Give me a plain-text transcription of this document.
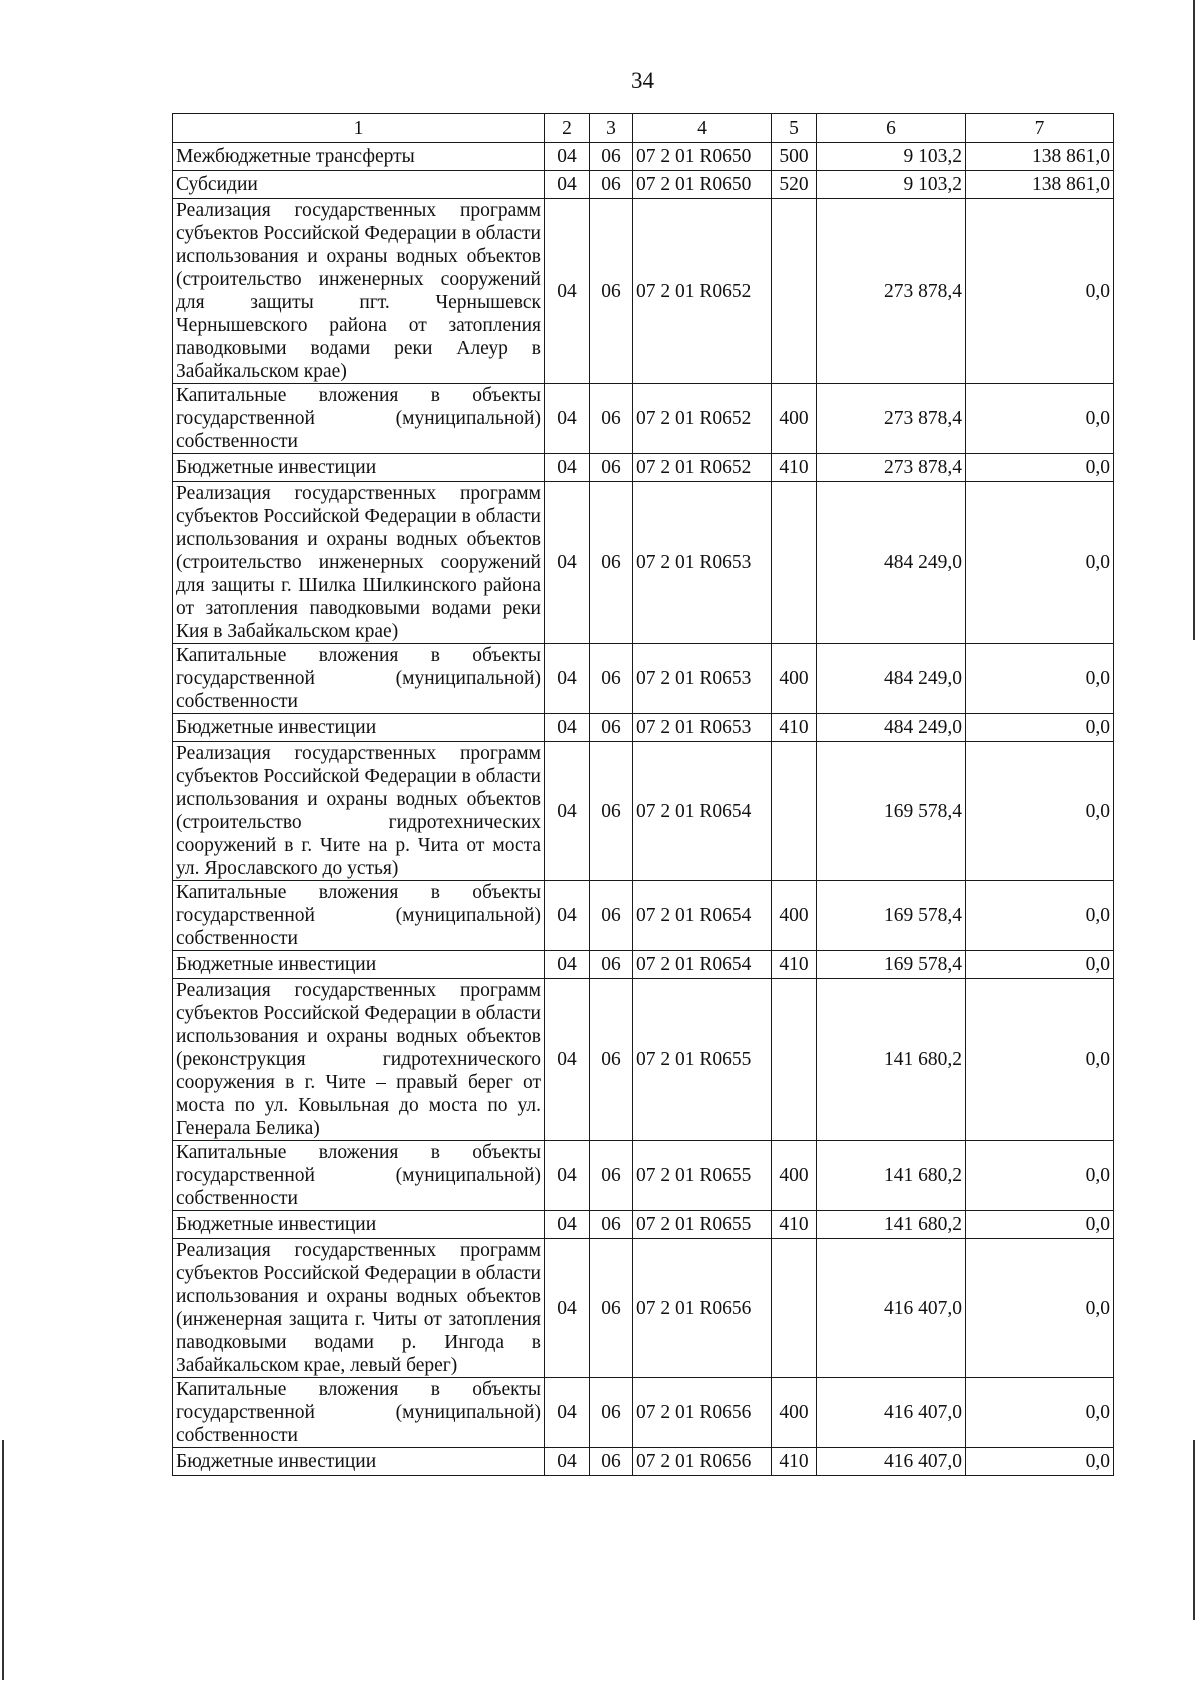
34
1	2	3	4	5	6	7
Межбюджетные трансферты	04	06	07 2 01 R0650	500	9 103,2	138 861,0
Субсидии	04	06	07 2 01 R0650	520	9 103,2	138 861,0
Реализация государственных программ субъектов Российской Федерации в области использования и охраны водных объектов (строительство инженерных сооружений для защиты пгт. Чернышевск Чернышевского района от затопления паводковыми водами реки Алеур в Забайкальском крае)	04	06	07 2 01 R0652		273 878,4	0,0
Капитальные вложения в объекты государственной (муниципальной) собственности	04	06	07 2 01 R0652	400	273 878,4	0,0
Бюджетные инвестиции	04	06	07 2 01 R0652	410	273 878,4	0,0
Реализация государственных программ субъектов Российской Федерации в области использования и охраны водных объектов (строительство инженерных сооружений для защиты г. Шилка Шилкинского района от затопления паводковыми водами реки Кия в Забайкальском крае)	04	06	07 2 01 R0653		484 249,0	0,0
Капитальные вложения в объекты государственной (муниципальной) собственности	04	06	07 2 01 R0653	400	484 249,0	0,0
Бюджетные инвестиции	04	06	07 2 01 R0653	410	484 249,0	0,0
Реализация государственных программ субъектов Российской Федерации в области использования и охраны водных объектов (строительство гидротехнических сооружений в г. Чите на р. Чита от моста ул. Ярославского до устья)	04	06	07 2 01 R0654		169 578,4	0,0
Капитальные вложения в объекты государственной (муниципальной) собственности	04	06	07 2 01 R0654	400	169 578,4	0,0
Бюджетные инвестиции	04	06	07 2 01 R0654	410	169 578,4	0,0
Реализация государственных программ субъектов Российской Федерации в области использования и охраны водных объектов (реконструкция гидротехнического сооружения в г. Чите – правый берег от моста по ул. Ковыльная до моста по ул. Генерала Белика)	04	06	07 2 01 R0655		141 680,2	0,0
Капитальные вложения в объекты государственной (муниципальной) собственности	04	06	07 2 01 R0655	400	141 680,2	0,0
Бюджетные инвестиции	04	06	07 2 01 R0655	410	141 680,2	0,0
Реализация государственных программ субъектов Российской Федерации в области использования и охраны водных объектов (инженерная защита г. Читы от затопления паводковыми водами р. Ингода в Забайкальском крае, левый берег)	04	06	07 2 01 R0656		416 407,0	0,0
Капитальные вложения в объекты государственной (муниципальной) собственности	04	06	07 2 01 R0656	400	416 407,0	0,0
Бюджетные инвестиции	04	06	07 2 01 R0656	410	416 407,0	0,0
